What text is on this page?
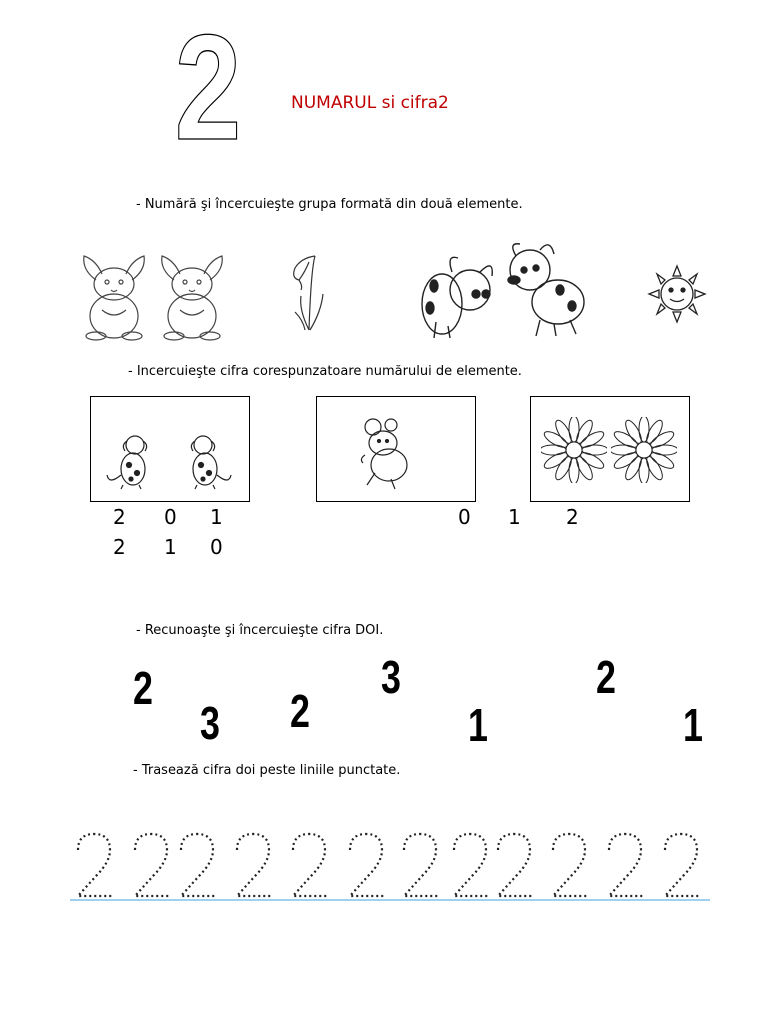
2	NUMARUL si cifra2
- Numără şi încercuieşte grupa formată din două elemente.
- Incercuieşte cifra corespunzatoare numărului de elemente.
2 0 1	0 1 2
2 1 0
- Recunoaşte şi încercuieşte cifra DOI.
2
3 2
3
1
2
1
- Trasează cifra doi peste liniile punctate.
